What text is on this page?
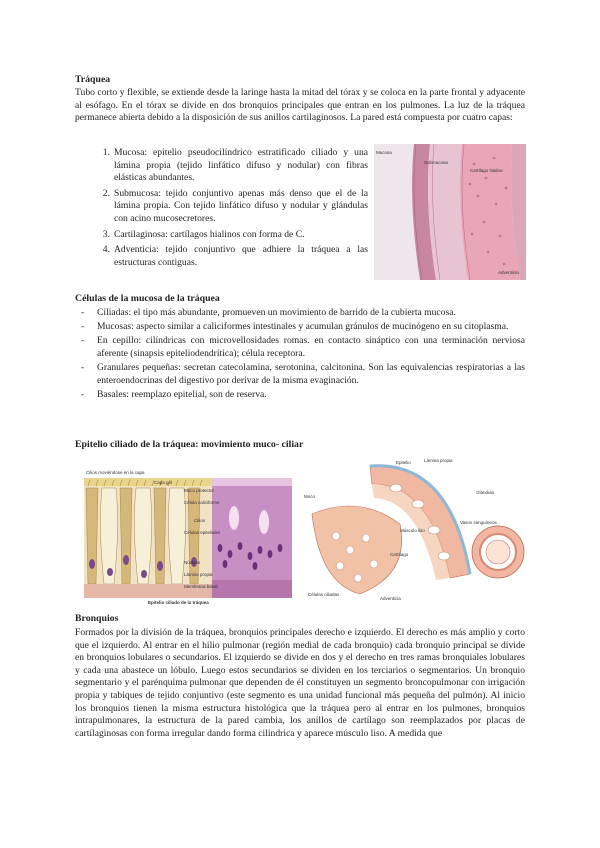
Tráquea
Tubo corto y flexible, se extiende desde la laringe hasta la mitad del tórax y se coloca en la parte frontal y adyacente al esófago. En el tórax se divide en dos bronquios principales que entran en los pulmones. La luz de la tráquea permanece abierta debido a la disposición de sus anillos cartilaginosos. La pared está compuesta por cuatro capas:
1. Mucosa: epitelio pseudocilíndrico estratificado ciliado y una lámina propia (tejido linfático difuso y nodular) con fibras elásticas abundantes.
2. Submucosa: tejido conjuntivo apenas más denso que el de la lámina propia. Con tejido linfático difuso y nodular y glándulas con acino mucosecretores.
3. Cartilaginosa: cartílagos hialinos con forma de C.
4. Adventicia: tejido conjuntivo que adhiere la tráquea a las estructuras contiguas.
Mucosa
Submucosa
Cartílago hialino
Adventicia
Células de la mucosa de la tráquea
-	Ciliadas: el tipo más abundante, promueven un movimiento de barrido de la cubierta mucosa.
-	Mucosas: aspecto similar a caliciformes intestinales y acumulan gránulos de mucinógeno en su citoplasma.
-	En cepillo: cilíndricas con microvellosidades romas. en contacto sináptico con una terminación nerviosa aferente (sinapsis epiteliodendrítica); célula receptora.
-	Granulares pequeñas: secretan catecolamina, serotonina, calcitonina. Son las equivalencias respiratorias a las enteroendocrinas del digestivo por derivar de la misma evaginación.
-	Basales: reemplazo epitelial, son de reserva.
Epitelio ciliado de la tráquea: movimiento muco- ciliar
Cilios moviéndose en la capa
Capa gel
Moco protector
Célula caliciforme
Cilios
Células epiteliales
Núcleos
Lámina propia
Membrana basal
Epitelio ciliado de la tráquea
Epitelio	Lámina propia
Moco
Músculo liso
Glándula
Vasos sanguíneos
Cartílago
Células ciliadas
Adventicia
Bronquios
Formados por la división de la tráquea, bronquios principales derecho e izquierdo. El derecho es más amplio y corto que el izquierdo. Al entrar en el hilio pulmonar (región medial de cada bronquio) cada bronquio principal se divide en bronquios lobulares o secundarios. El izquierdo se divide en dos y el derecho en tres ramas bronquiales lobulares y cada una abastece un lóbulo. Luego estos secundarios se dividen en los terciarios o segmentarios. Un bronquio segmentario y el parénquima pulmonar que dependen de él constituyen un segmento broncopulmonar con irrigación propia y tabiques de tejido conjuntivo (este segmento es una unidad funcional más pequeña del pulmón). Al inicio los bronquios tienen la misma estructura histológica que la tráquea pero al entrar en los pulmones, bronquios intrapulmonares, la estructura de la pared cambia, los anillos de cartílago son reemplazados por placas de cartílaginosas con forma irregular dando forma cilíndrica y aparece músculo liso. A medida que
